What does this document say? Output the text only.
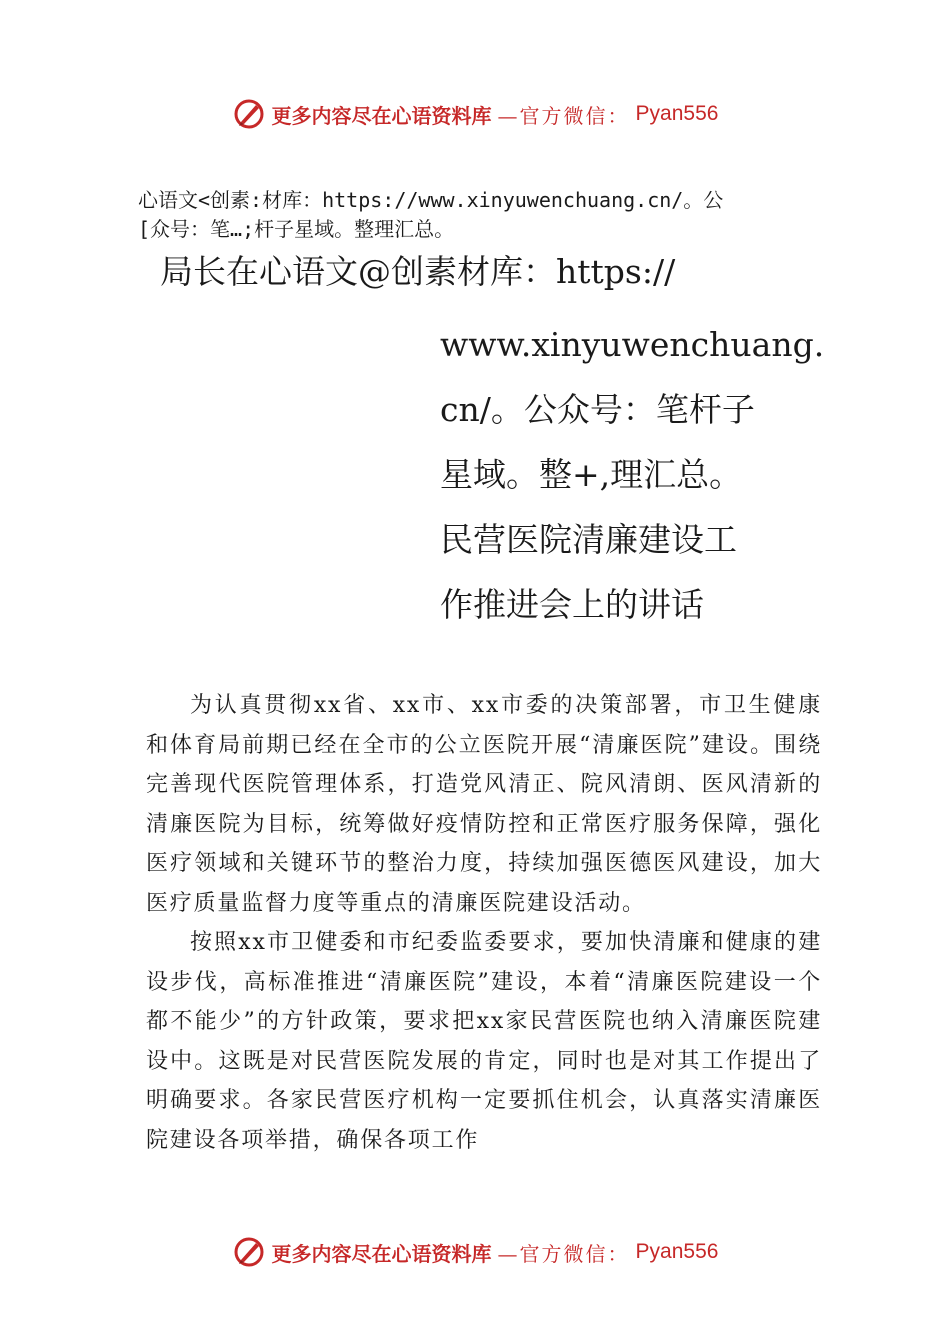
更多内容尽在心语资料库 —官方微信： Pyan556
心语文<创素:材库：https://www.xinyuwenchuang.cn/。公
[众号：笔…;杆子星域。整理汇总。
局长在心语文@创素材库：https://
www.xinyuwenchuang.
cn/。公众号：笔杆子
星域。整+,理汇总。
民营医院清廉建设工
作推进会上的讲话

为认真贯彻xx省、xx市、xx市委的决策部署，市卫生健康和体育局前期已经在全市的公立医院开展“清廉医院”建设。围绕完善现代医院管理体系，打造党风清正、院风清朗、医风清新的清廉医院为目标，统筹做好疫情防控和正常医疗服务保障，强化医疗领域和关键环节的整治力度，持续加强医德医风建设，加大医疗质量监督力度等重点的清廉医院建设活动。

按照xx市卫健委和市纪委监委要求，要加快清廉和健康的建设步伐，高标准推进“清廉医院”建设，本着“清廉医院建设一个都不能少”的方针政策，要求把xx家民营医院也纳入清廉医院建设中。这既是对民营医院发展的肯定，同时也是对其工作提出了明确要求。各家民营医疗机构一定要抓住机会，认真落实清廉医院建设各项举措，确保各项工作

更多内容尽在心语资料库 —官方微信： Pyan556
